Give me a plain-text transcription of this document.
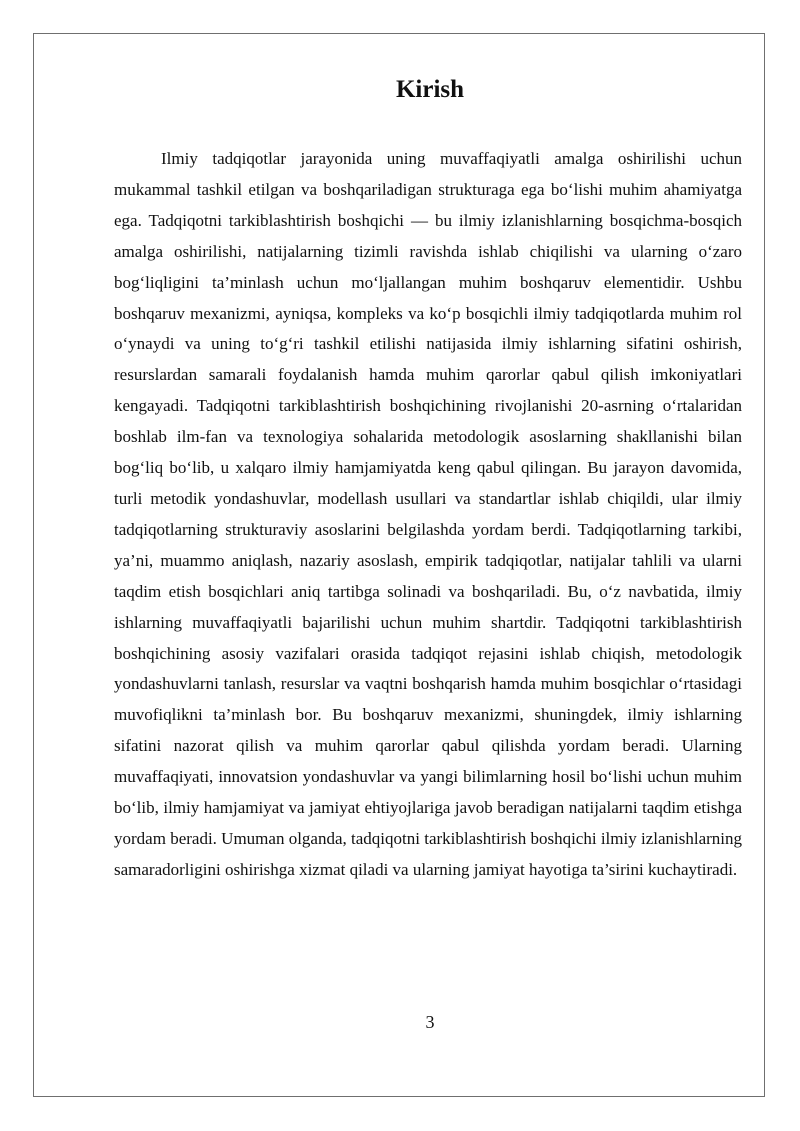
Kirish

Ilmiy tadqiqotlar jarayonida uning muvaffaqiyatli amalga oshirilishi uchun mukammal tashkil etilgan va boshqariladigan strukturaga ega bo‘lishi muhim ahamiyatga ega. Tadqiqotni tarkiblashtirish boshqichi — bu ilmiy izlanishlarning bosqichma-bosqich amalga oshirilishi, natijalarning tizimli ravishda ishlab chiqilishi va ularning o‘zaro bog‘liqligini ta’minlash uchun mo‘ljallangan muhim boshqaruv elementidir. Ushbu boshqaruv mexanizmi, ayniqsa, kompleks va ko‘p bosqichli ilmiy tadqiqotlarda muhim rol o‘ynaydi va uning to‘g‘ri tashkil etilishi natijasida ilmiy ishlarning sifatini oshirish, resurslardan samarali foydalanish hamda muhim qarorlar qabul qilish imkoniyatlari kengayadi. Tadqiqotni tarkiblashtirish boshqichining rivojlanishi 20-asrning o‘rtalaridan boshlab ilm-fan va texnologiya sohalarida metodologik asoslarning shakllanishi bilan bog‘liq bo‘lib, u xalqaro ilmiy hamjamiyatda keng qabul qilingan. Bu jarayon davomida, turli metodik yondashuvlar, modellash usullari va standartlar ishlab chiqildi, ular ilmiy tadqiqotlarning strukturaviy asoslarini belgilashda yordam berdi. Tadqiqotlarning tarkibi, ya’ni, muammo aniqlash, nazariy asoslash, empirik tadqiqotlar, natijalar tahlili va ularni taqdim etish bosqichlari aniq tartibga solinadi va boshqariladi. Bu, o‘z navbatida, ilmiy ishlarning muvaffaqiyatli bajarilishi uchun muhim shartdir. Tadqiqotni tarkiblashtirish boshqichining asosiy vazifalari orasida tadqiqot rejasini ishlab chiqish, metodologik yondashuvlarni tanlash, resurslar va vaqtni boshqarish hamda muhim bosqichlar o‘rtasidagi muvofiqlikni ta’minlash bor. Bu boshqaruv mexanizmi, shuningdek, ilmiy ishlarning sifatini nazorat qilish va muhim qarorlar qabul qilishda yordam beradi. Ularning muvaffaqiyati, innovatsion yondashuvlar va yangi bilimlarning hosil bo‘lishi uchun muhim bo‘lib, ilmiy hamjamiyat va jamiyat ehtiyojlariga javob beradigan natijalarni taqdim etishga yordam beradi. Umuman olganda, tadqiqotni tarkiblashtirish boshqichi ilmiy izlanishlarning samaradorligini oshirishga xizmat qiladi va ularning jamiyat hayotiga ta’sirini kuchaytiradi.

3
